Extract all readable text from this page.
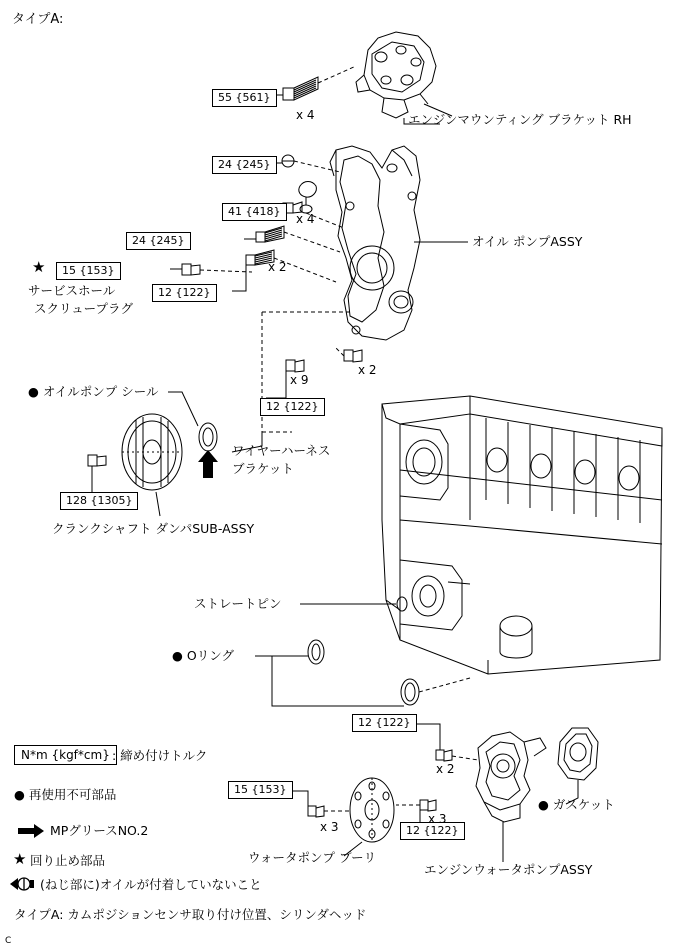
タイプA:
55 {561}
24 {245}
41 {418}
24 {245}
15 {153}
12 {122}
12 {122}
128 {1305}
12 {122}
15 {153}
12 {122}
x 4
x 4
x 2
x 9
x 2
x 2
x 3
x 3
★
エンジンマウンティング ブラケット RH
オイル ポンプASSY
サービスホール
スクリュープラグ
● オイルポンプ シール
ワイヤーハーネス
ブラケット
クランクシャフト ダンパSUB-ASSY
ストレートピン
● Oリング
● ガスケット
ウォータポンプ プーリ
エンジンウォータポンプASSY
N*m {kgf*cm} : 締め付けトルク
● 再使用不可部品
MPグリースNO.2
★ 回り止め部品
(ねじ部に)オイルが付着していないこと
タイプA: カムポジションセンサ取り付け位置、シリンダヘッド
C
